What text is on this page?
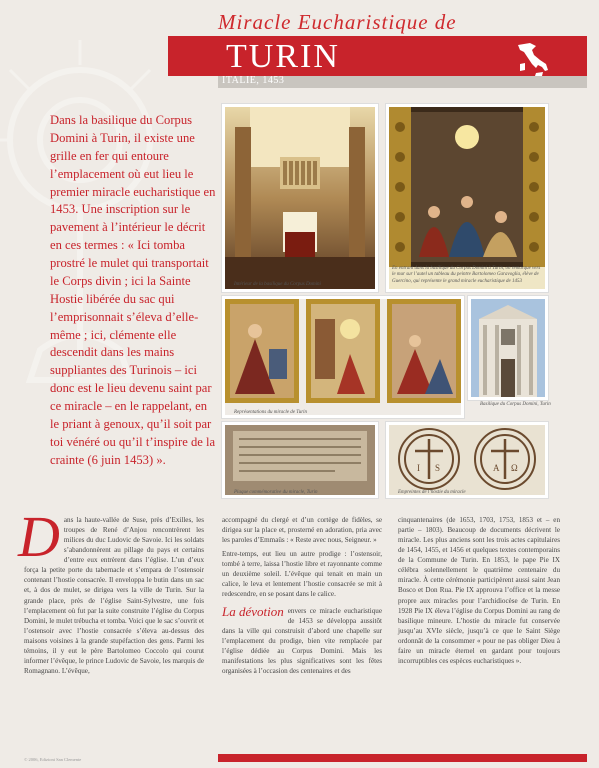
Miracle Eucharistique de
TURIN
ITALIE, 1453
Dans la basilique du Corpus Domini à Turin, il existe une grille en fer qui entoure l’emplacement où eut lieu le premier miracle eucharistique en 1453. Une inscription sur le pavement à l’intérieur le décrit en ces termes : « Ici tomba prostré le mulet qui transportait le Corps divin ; ici la Sainte Hostie libérée du sac qui l’emprisonnait s’éleva d’elle-même ; ici, clémente elle descendit dans les mains suppliantes des Turinois – ici donc est le lieu devenu saint par ce miracle – en le rappelant, en le priant à genoux, qu’il soit par toi vénéré ou qu’il t’inspire de la crainte (6 juin 1453) ».
Intérieur de la basilique du Corpus Domini
En entrant dans la basilique du Corpus Domini à Turin, on remarque vers le mur sur l’autel un tableau du peintre Bartolomeo Garavoglia, élève de Guercino, qui représente le grand miracle eucharistique de 1453
Représentations du miracle de Turin
Basilique du Corpus Domini, Turin
Plaque commémorative du miracle, Turin
I S	A Ω
Empreintes de l’hostie du miracle
Dans la haute-vallée de Suse, près d’Exilles, les troupes de René d’Anjou rencontrèrent les milices du duc Ludovic de Savoie. Ici les soldats s’abandonnèrent au pillage du pays et certains d’entre eux entrèrent dans l’église. L’un d’eux força la petite porte du tabernacle et s’empara de l’ostensoir contenant l’hostie consacrée. Il enveloppa le butin dans un sac et, à dos de mulet, se dirigea vers la ville de Turin. Sur la grande place, près de l’église Saint-Sylvestre, une fois l’emplacement où fut par la suite construite l’église du Corpus Domini, le mulet trébucha et tomba. Voici que le sac s’ouvrit et l’ostensoir avec l’hostie consacrée s’éleva au-dessus des maisons voisines à la grande stupéfaction des gens. Parmi les témoins, il y eut le père Bartolomeo Coccolo qui courut informer l’évêque, le prince Ludovic de Savoie, les marquis de Romagnano. L’évêque,

accompagné du clergé et d’un cortège de fidèles, se dirigea sur la place et, prosterné en adoration, pria avec les paroles d’Emmaüs : « Reste avec nous, Seigneur. »

Entre-temps, eut lieu un autre prodige : l’ostensoir, tombé à terre, laissa l’hostie libre et rayonnante comme un deuxième soleil. L’évêque qui tenait en main un calice, le leva et lentement l’hostie consacrée se mit à redescendre, en se posant dans le calice.

La dévotion envers ce miracle eucharistique de 1453 se développa aussitôt dans la ville qui construisit d’abord une chapelle sur l’emplacement du prodige, bien vite remplacée par l’église dédiée au Corpus Domini. Mais les manifestations les plus significatives sont les fêtes organisées à l’occasion des centenaires et des

cinquantenaires (de 1653, 1703, 1753, 1853 et – en partie – 1803). Beaucoup de documents décrivent le miracle. Les plus anciens sont les trois actes capitulaires de 1454, 1455, et 1456 et quelques textes contemporains de la Commune de Turin. En 1853, le pape Pie IX célébra solennellement le quatrième centenaire du miracle. À cette cérémonie participèrent aussi saint Jean Bosco et Don Rua. Pie IX approuva l’office et la messe propre aux miracles pour l’archidiocèse de Turin. En 1928 Pie IX éleva l’église du Corpus Domini au rang de basilique mineure. L’hostie du miracle fut conservée jusqu’au XVIe siècle, jusqu’à ce que le Saint Siège ordonnât de la consommer « pour ne pas obliger Dieu à faire un miracle éternel en gardant pour toujours incorruptibles ces espèces eucharistiques ».
© 2006, Edizioni San Clemente
